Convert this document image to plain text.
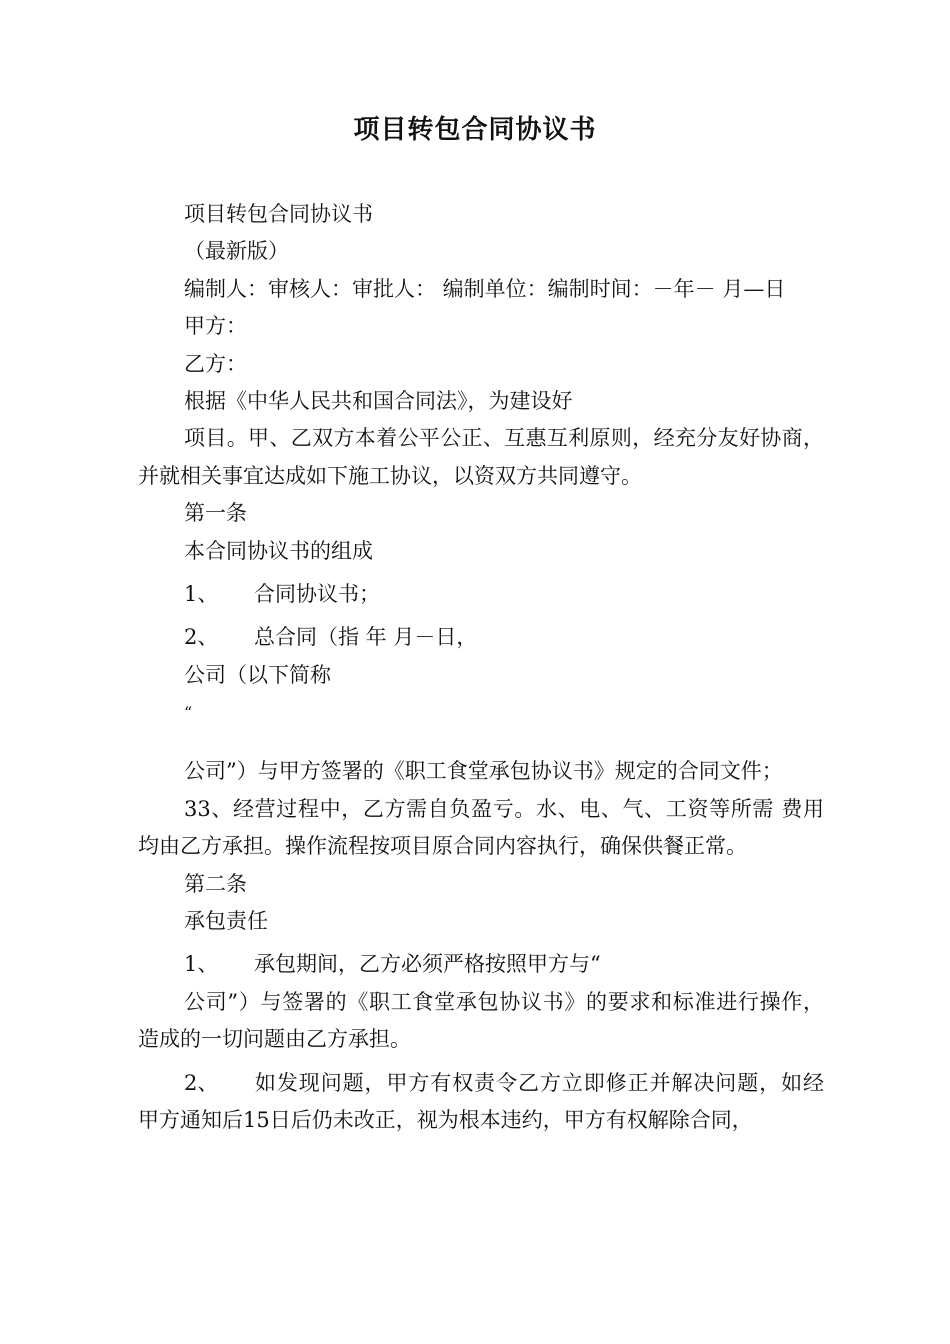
项目转包合同协议书

项目转包合同协议书

（最新版）

编制人：审核人：审批人： 编制单位：编制时间：－年－ 月—日

甲方：

乙方：

根据《中华人民共和国合同法》，为建设好

项目。甲、乙双方本着公平公正、互惠互利原则，经充分友好协商，并就相关事宜达成如下施工协议，以资双方共同遵守。

第一条

本合同协议书的组成

1、 合同协议书；

2、 总合同（指 年 月－日，

公司（以下简称

“

公司”）与甲方签署的《职工食堂承包协议书》规定的合同文件；

33、经营过程中，乙方需自负盈亏。水、电、气、工资等所需 费用均由乙方承担。操作流程按项目原合同内容执行，确保供餐正常。

第二条

承包责任

1、 承包期间，乙方必须严格按照甲方与“

公司”）与签署的《职工食堂承包协议书》的要求和标准进行操作， 造成的一切问题由乙方承担。

2、 如发现问题，甲方有权责令乙方立即修正并解决问题，如经 甲方通知后15日后仍未改正，视为根本违约，甲方有权解除合同，
